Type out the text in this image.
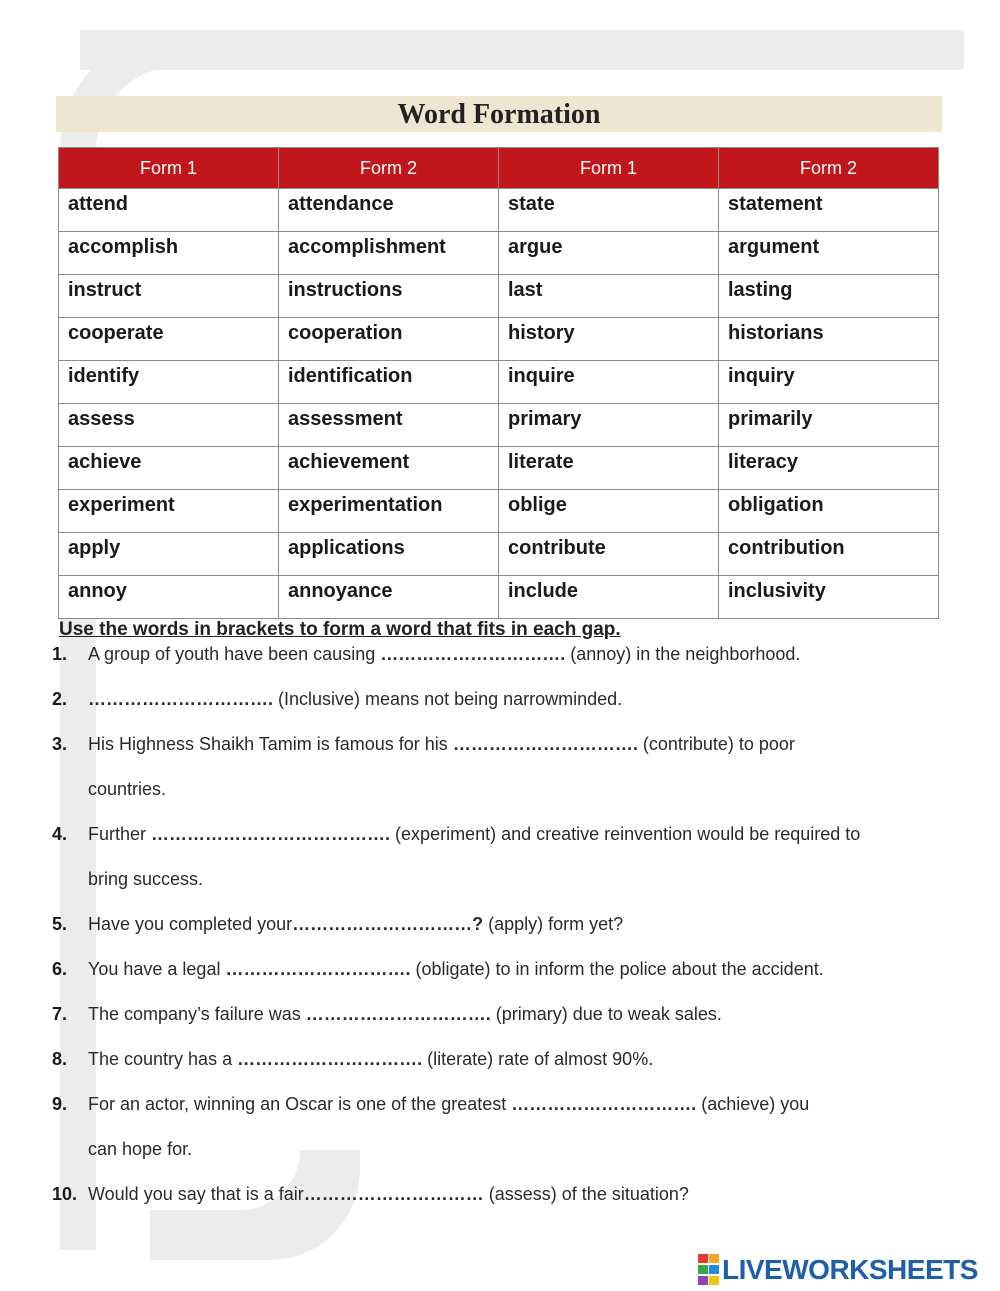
Word Formation
Form 1	Form 2	Form 1	Form 2
attend	attendance	state	statement
accomplish	accomplishment	argue	argument
instruct	instructions	last	lasting
cooperate	cooperation	history	historians
identify	identification	inquire	inquiry
assess	assessment	primary	primarily
achieve	achievement	literate	literacy
experiment	experimentation	oblige	obligation
apply	applications	contribute	contribution
annoy	annoyance	include	inclusivity
Use the words in brackets to form a word that fits in each gap.
1.	A group of youth have been causing …………………………. (annoy) in the neighborhood.
2.	…………………………. (Inclusive) means not being narrowminded.
3.	His Highness Shaikh Tamim is famous for his …………………………. (contribute) to poor
countries.
4.	Further …………………………………. (experiment) and creative reinvention would be required to
bring success.
5.	Have you completed your…………………………? (apply) form yet?
6.	You have a legal …………………………. (obligate) to in inform the police about the accident.
7.	The company’s failure was …………………………. (primary) due to weak sales.
8.	The country has a …………………………. (literate) rate of almost 90%.
9.	For an actor, winning an Oscar is one of the greatest …………………………. (achieve) you
can hope for.
10. Would you say that is a fair………………………… (assess) of the situation?
LIVEWORKSHEETS
